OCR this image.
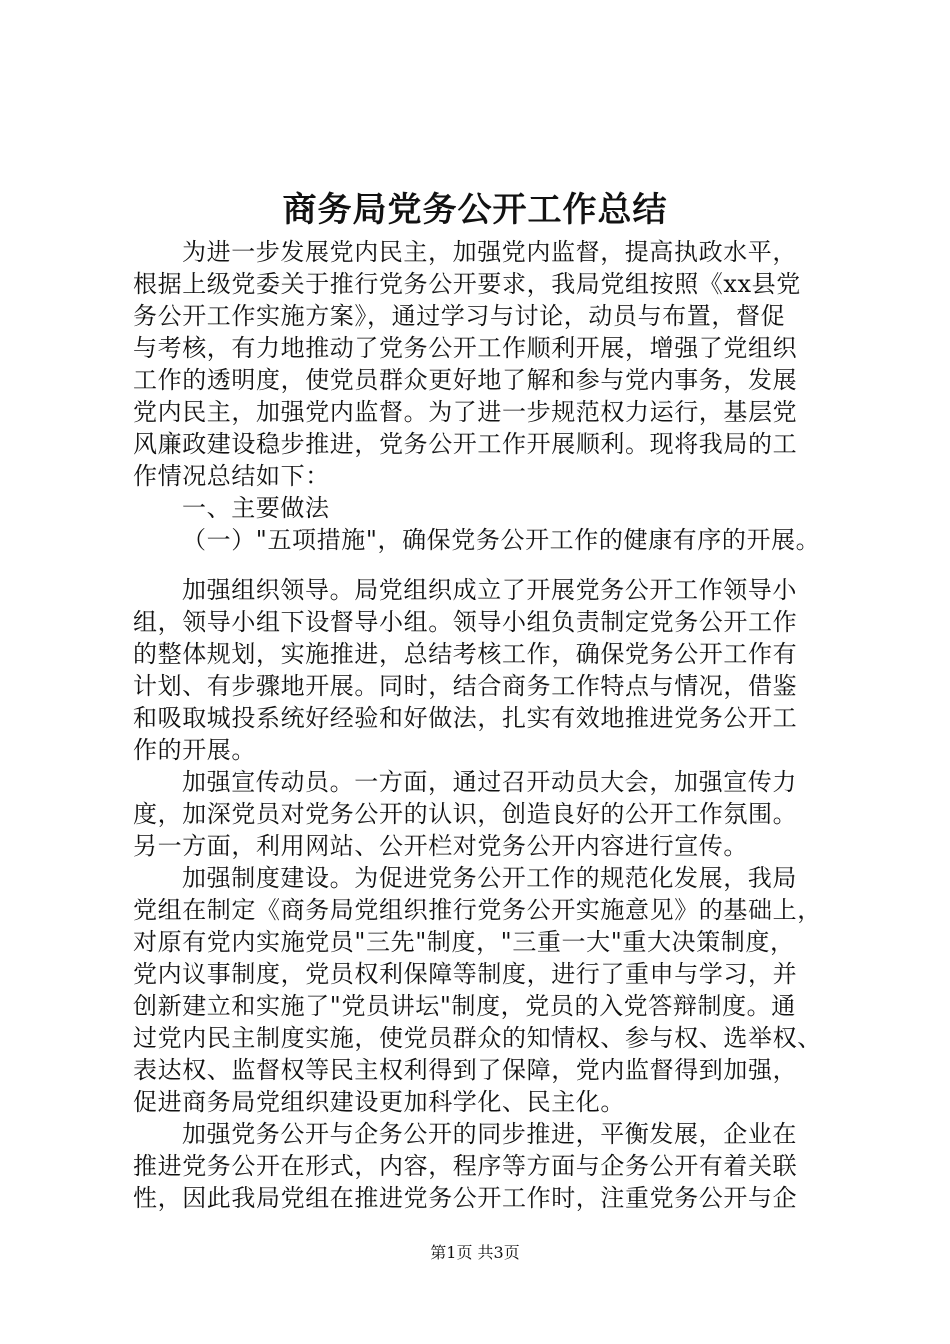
商务局党务公开工作总结
为进一步发展党内民主，加强党内监督，提高执政水平，
根据上级党委关于推行党务公开要求，我局党组按照《xx县党
务公开工作实施方案》，通过学习与讨论，动员与布置，督促
与考核，有力地推动了党务公开工作顺利开展，增强了党组织
工作的透明度，使党员群众更好地了解和参与党内事务，发展
党内民主，加强党内监督。为了进一步规范权力运行，基层党
风廉政建设稳步推进，党务公开工作开展顺利。现将我局的工
作情况总结如下：
一、主要做法
（一）"五项措施"，确保党务公开工作的健康有序的开展。
加强组织领导。局党组织成立了开展党务公开工作领导小
组，领导小组下设督导小组。领导小组负责制定党务公开工作
的整体规划，实施推进，总结考核工作，确保党务公开工作有
计划、有步骤地开展。同时，结合商务工作特点与情况，借鉴
和吸取城投系统好经验和好做法，扎实有效地推进党务公开工
作的开展。
加强宣传动员。一方面，通过召开动员大会，加强宣传力
度，加深党员对党务公开的认识，创造良好的公开工作氛围。
另一方面，利用网站、公开栏对党务公开内容进行宣传。
加强制度建设。为促进党务公开工作的规范化发展，我局
党组在制定《商务局党组织推行党务公开实施意见》的基础上，
对原有党内实施党员"三先"制度，"三重一大"重大决策制度，
党内议事制度，党员权利保障等制度，进行了重申与学习，并
创新建立和实施了"党员讲坛"制度，党员的入党答辩制度。通
过党内民主制度实施，使党员群众的知情权、参与权、选举权、
表达权、监督权等民主权利得到了保障，党内监督得到加强，
促进商务局党组织建设更加科学化、民主化。
加强党务公开与企务公开的同步推进，平衡发展，企业在
推进党务公开在形式，内容，程序等方面与企务公开有着关联
性，因此我局党组在推进党务公开工作时，注重党务公开与企
第1页 共3页
